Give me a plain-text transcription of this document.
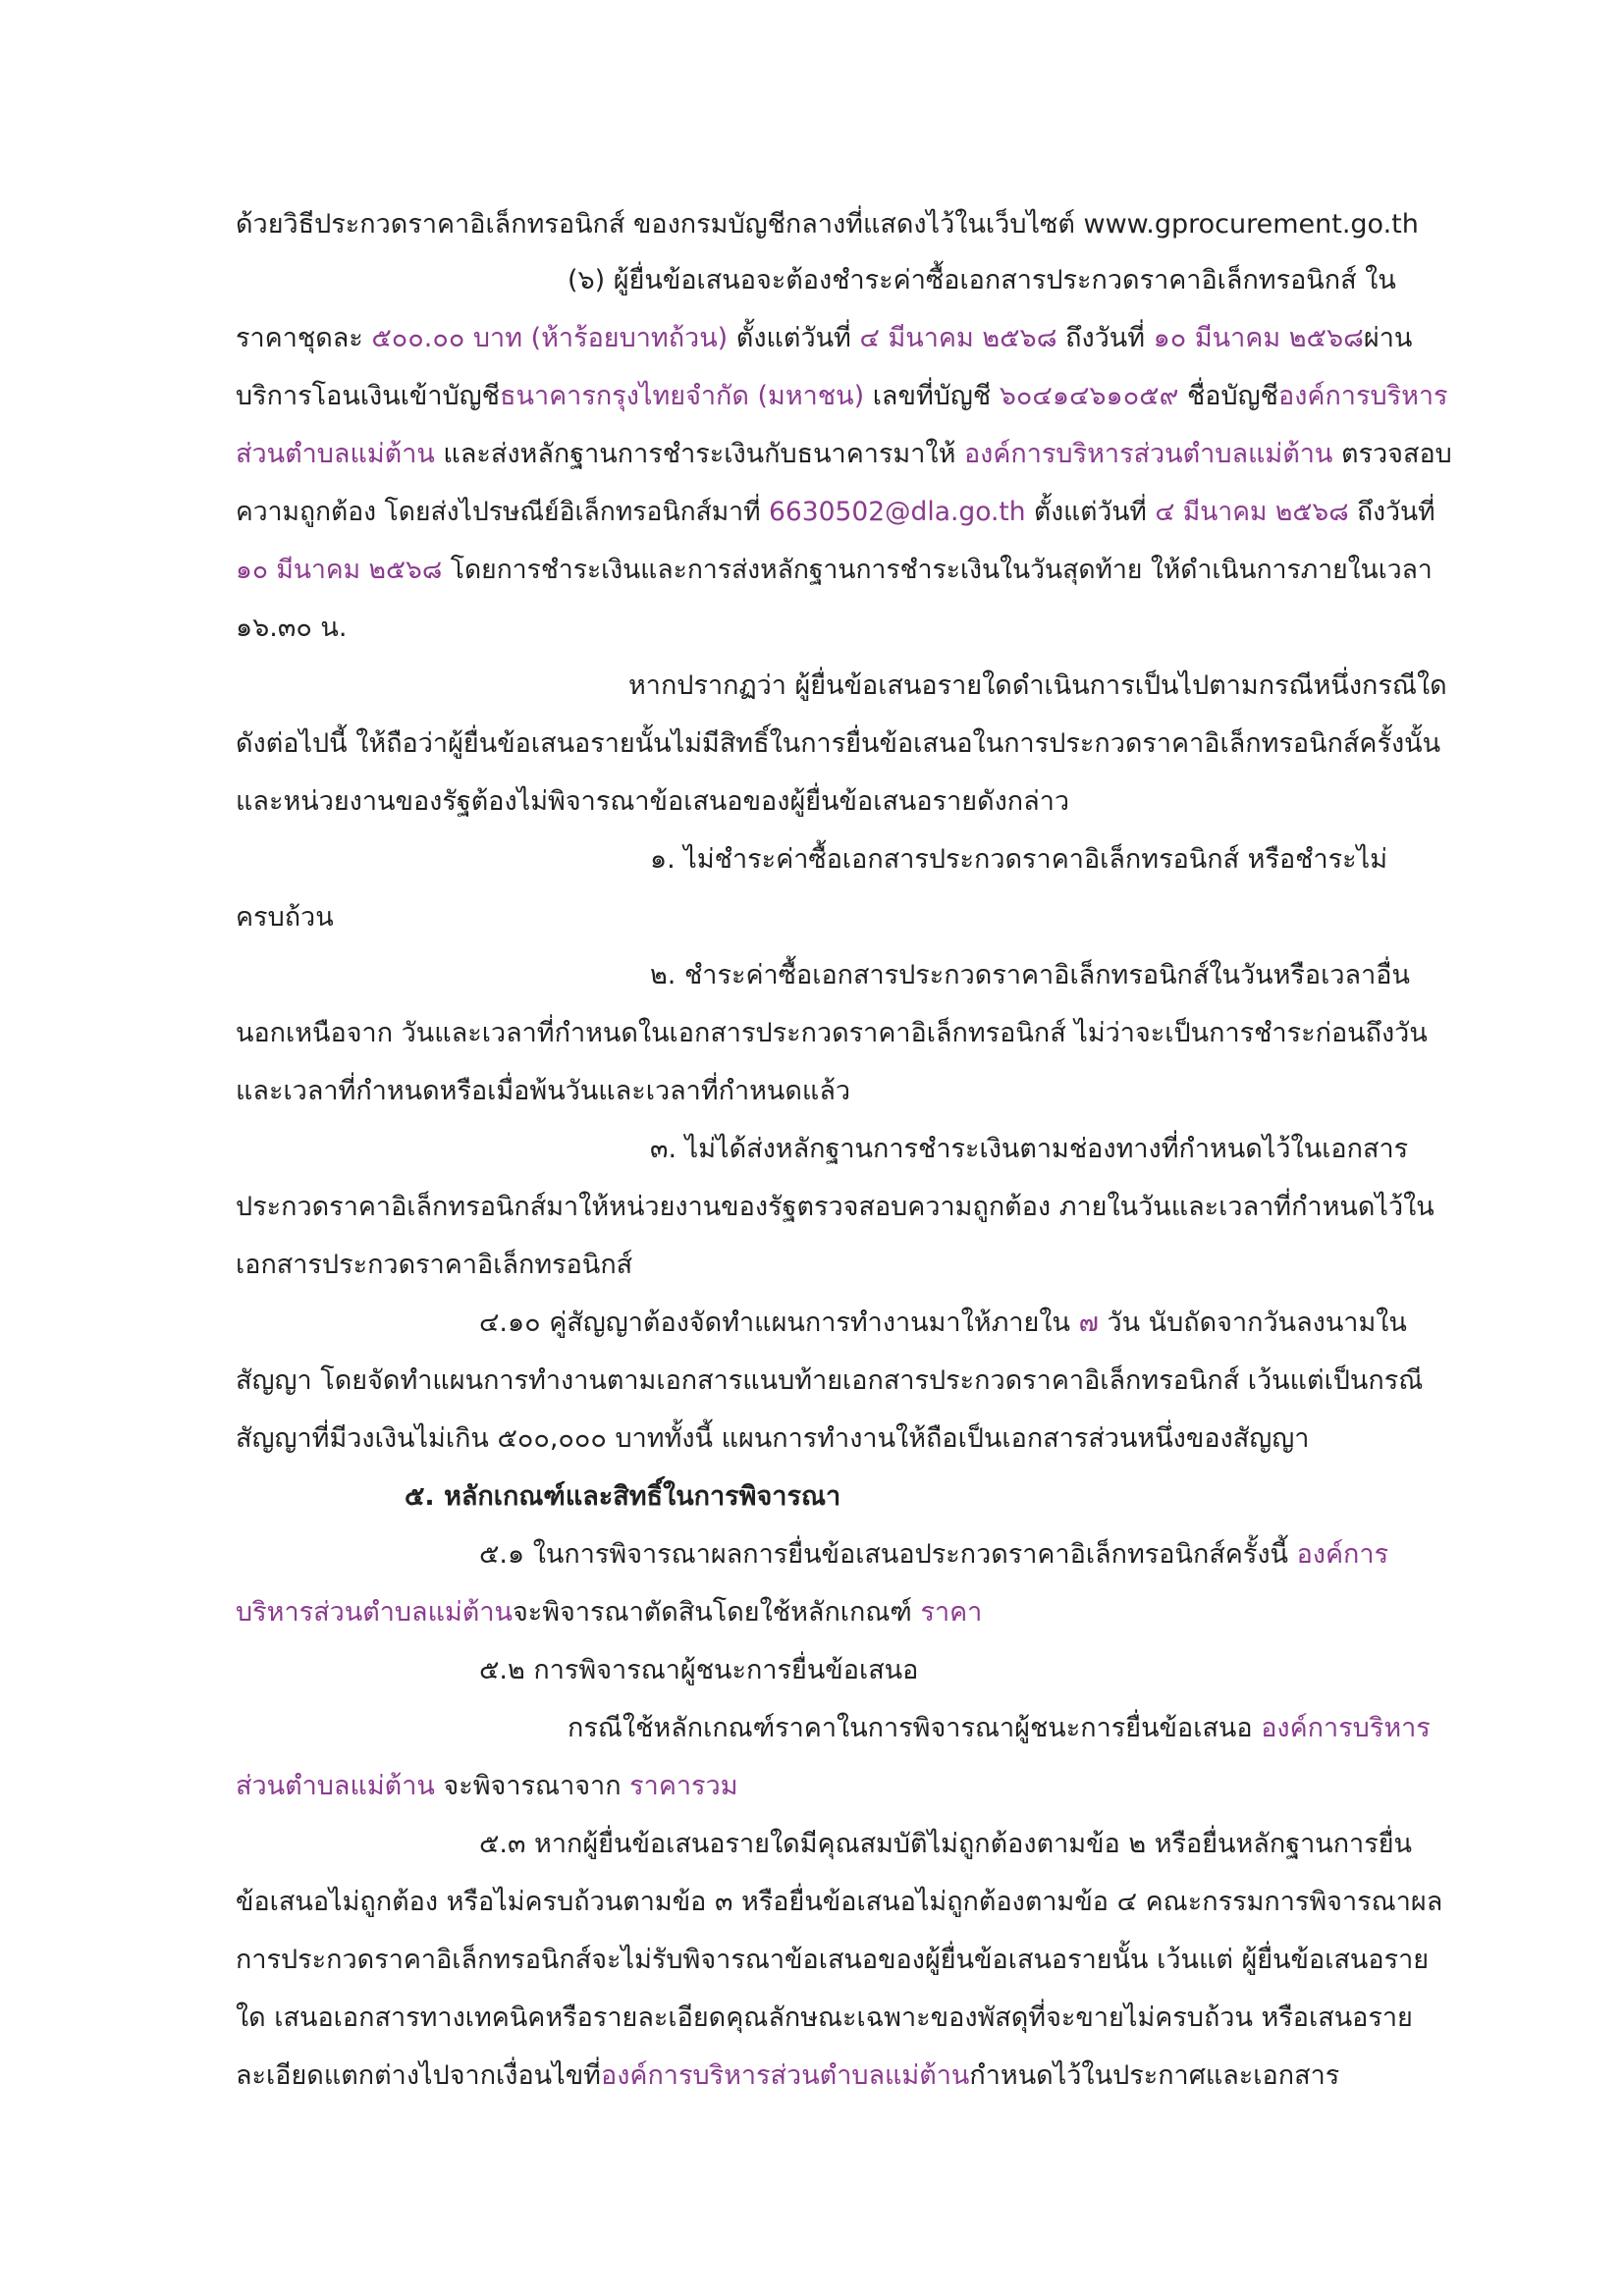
ด้วยวิธีประกวดราคาอิเล็กทรอนิกส์ ของกรมบัญชีกลางที่แสดงไว้ในเว็บไซต์ www.gprocurement.go.th
(๖) ผู้ยื่นข้อเสนอจะต้องชำระค่าซื้อเอกสารประกวดราคาอิเล็กทรอนิกส์ ใน
ราคาชุดละ ๕๐๐.๐๐ บาท (ห้าร้อยบาทถ้วน) ตั้งแต่วันที่ ๔ มีนาคม ๒๕๖๘ ถึงวันที่ ๑๐ มีนาคม ๒๕๖๘ผ่าน
บริการโอนเงินเข้าบัญชีธนาคารกรุงไทยจำกัด (มหาชน) เลขที่บัญชี ๖๐๔๑๔๖๑๐๕๙ ชื่อบัญชีองค์การบริหาร
ส่วนตำบลแม่ต้าน และส่งหลักฐานการชำระเงินกับธนาคารมาให้ องค์การบริหารส่วนตำบลแม่ต้าน ตรวจสอบ
ความถูกต้อง โดยส่งไปรษณีย์อิเล็กทรอนิกส์มาที่ 6630502@dla.go.th ตั้งแต่วันที่ ๔ มีนาคม ๒๕๖๘ ถึงวันที่
๑๐ มีนาคม ๒๕๖๘ โดยการชำระเงินและการส่งหลักฐานการชำระเงินในวันสุดท้าย ให้ดำเนินการภายในเวลา
๑๖.๓๐ น.
หากปรากฏว่า ผู้ยื่นข้อเสนอรายใดดำเนินการเป็นไปตามกรณีหนึ่งกรณีใด
ดังต่อไปนี้ ให้ถือว่าผู้ยื่นข้อเสนอรายนั้นไม่มีสิทธิ์ในการยื่นข้อเสนอในการประกวดราคาอิเล็กทรอนิกส์ครั้งนั้น
และหน่วยงานของรัฐต้องไม่พิจารณาข้อเสนอของผู้ยื่นข้อเสนอรายดังกล่าว
๑. ไม่ชำระค่าซื้อเอกสารประกวดราคาอิเล็กทรอนิกส์ หรือชำระไม่
ครบถ้วน
๒. ชำระค่าซื้อเอกสารประกวดราคาอิเล็กทรอนิกส์ในวันหรือเวลาอื่น
นอกเหนือจาก วันและเวลาที่กำหนดในเอกสารประกวดราคาอิเล็กทรอนิกส์ ไม่ว่าจะเป็นการชำระก่อนถึงวัน
และเวลาที่กำหนดหรือเมื่อพ้นวันและเวลาที่กำหนดแล้ว
๓. ไม่ได้ส่งหลักฐานการชำระเงินตามช่องทางที่กำหนดไว้ในเอกสาร
ประกวดราคาอิเล็กทรอนิกส์มาให้หน่วยงานของรัฐตรวจสอบความถูกต้อง ภายในวันและเวลาที่กำหนดไว้ใน
เอกสารประกวดราคาอิเล็กทรอนิกส์
๔.๑๐ คู่สัญญาต้องจัดทำแผนการทำงานมาให้ภายใน ๗ วัน นับถัดจากวันลงนามใน
สัญญา โดยจัดทำแผนการทำงานตามเอกสารแนบท้ายเอกสารประกวดราคาอิเล็กทรอนิกส์ เว้นแต่เป็นกรณี
สัญญาที่มีวงเงินไม่เกิน ๕๐๐,๐๐๐ บาททั้งนี้ แผนการทำงานให้ถือเป็นเอกสารส่วนหนึ่งของสัญญา
๕. หลักเกณฑ์และสิทธิ์ในการพิจารณา
๕.๑ ในการพิจารณาผลการยื่นข้อเสนอประกวดราคาอิเล็กทรอนิกส์ครั้งนี้ องค์การ
บริหารส่วนตำบลแม่ต้านจะพิจารณาตัดสินโดยใช้หลักเกณฑ์ ราคา
๕.๒ การพิจารณาผู้ชนะการยื่นข้อเสนอ
กรณีใช้หลักเกณฑ์ราคาในการพิจารณาผู้ชนะการยื่นข้อเสนอ องค์การบริหาร
ส่วนตำบลแม่ต้าน จะพิจารณาจาก ราคารวม
๕.๓ หากผู้ยื่นข้อเสนอรายใดมีคุณสมบัติไม่ถูกต้องตามข้อ ๒ หรือยื่นหลักฐานการยื่น
ข้อเสนอไม่ถูกต้อง หรือไม่ครบถ้วนตามข้อ ๓ หรือยื่นข้อเสนอไม่ถูกต้องตามข้อ ๔ คณะกรรมการพิจารณาผล
การประกวดราคาอิเล็กทรอนิกส์จะไม่รับพิจารณาข้อเสนอของผู้ยื่นข้อเสนอรายนั้น เว้นแต่ ผู้ยื่นข้อเสนอราย
ใด เสนอเอกสารทางเทคนิคหรือรายละเอียดคุณลักษณะเฉพาะของพัสดุที่จะขายไม่ครบถ้วน หรือเสนอราย
ละเอียดแตกต่างไปจากเงื่อนไขที่องค์การบริหารส่วนตำบลแม่ต้านกำหนดไว้ในประกาศและเอกสาร
